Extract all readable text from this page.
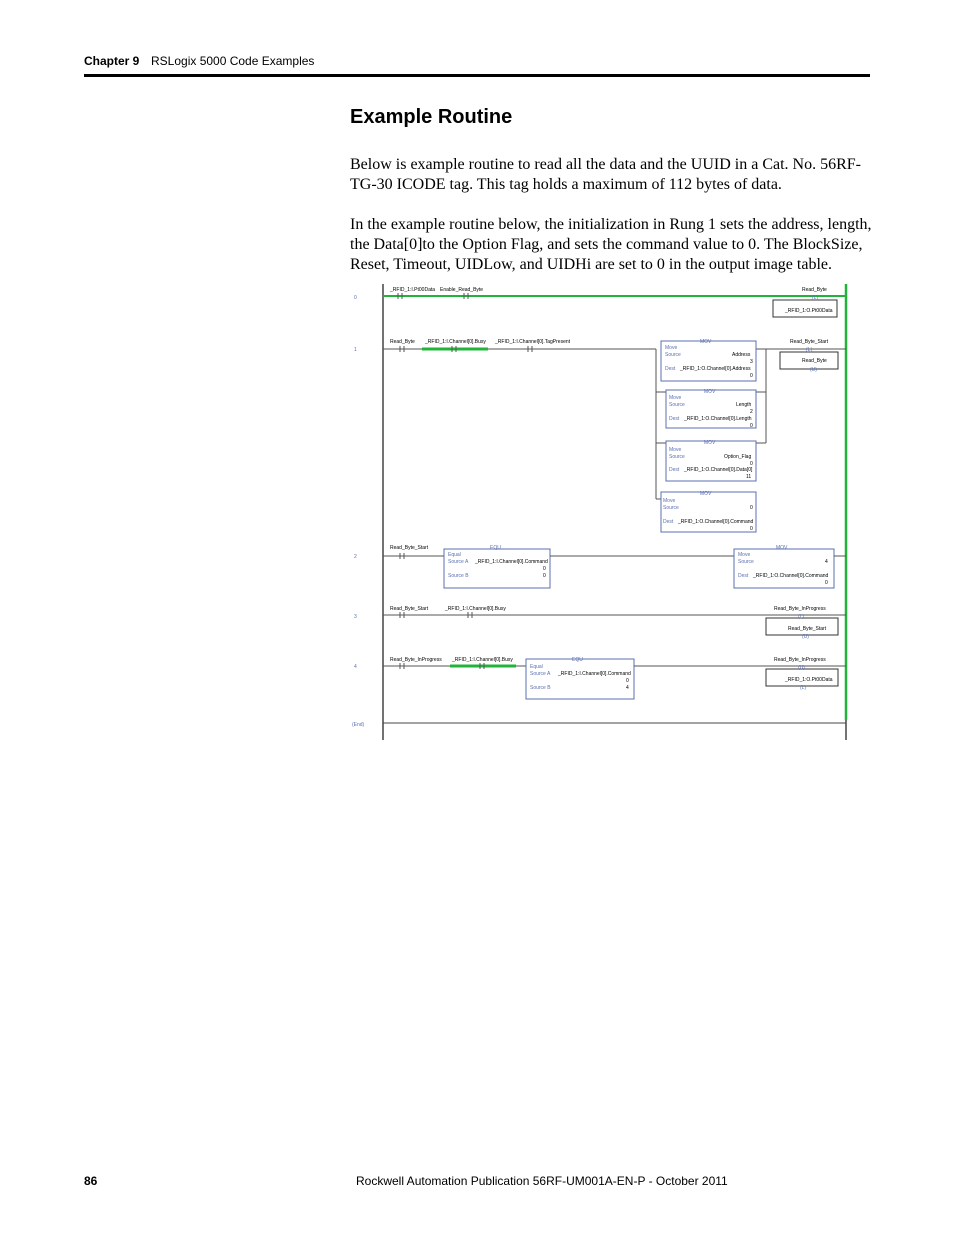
Chapter 9 RSLogix 5000 Code Examples
Example Routine

Below is example routine to read all the data and the UUID in a Cat. No. 56RF-TG-30 ICODE tag. This tag holds a maximum of 112 bytes of data.

In the example routine below, the initialization in Rung 1 sets the address, length, the Data[0]to the Option Flag, and sets the command value to 0. The BlockSize, Reset, Timeout, UIDLow, and UIDHi are set to 0 in the output image table.

0
1
2
3
4
(End)
_RFID_1:I.Pt00Data Enable_Read_Byte	Read_Byte
(L)
_RFID_1:O.Pt00Data
Read_Byte _RFID_1:I.Channel[0].Busy _RFID_1:I.Channel[0].TagPresent	Read_Byte_Start
(L)
Read_Byte
(U)
MOV
Move
Source	Address
3
Dest _RFID_1:O.Channel[0].Address
0
MOV
Move
Source	Length
2
Dest _RFID_1:O.Channel[0].Length
0
MOV
Move
Source	Option_Flag
0
Dest _RFID_1:O.Channel[0].Data[0]
11
MOV
Move
Source	0
Dest _RFID_1:O.Channel[0].Command
0
Read_Byte_Start	EQU
Equal
Source A _RFID_1:I.Channel[0].Command
0
Source B	0
MOV
Move
Source	4
Dest _RFID_1:O.Channel[0].Command
0
Read_Byte_Start	_RFID_1:I.Channel[0].Busy	Read_Byte_InProgress
(L)
Read_Byte_Start
(U)
Read_Byte_InProgress _RFID_1:I.Channel[0].Busy	EQU
Equal
Source A _RFID_1:I.Channel[0].Command
0
Source B	4
Read_Byte_InProgress
(U)
_RFID_1:O.Pt00Data
(L)
86	Rockwell Automation Publication 56RF-UM001A-EN-P - October 2011
